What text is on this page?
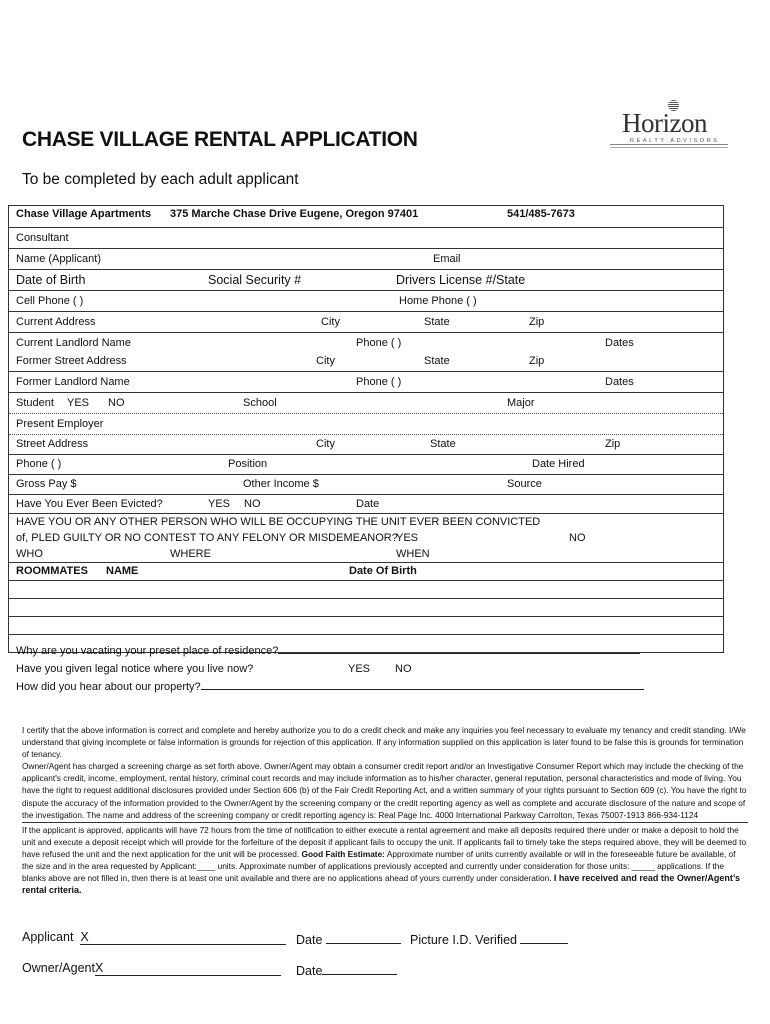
CHASE VILLAGE RENTAL APPLICATION
To be completed by each adult applicant
Horizon
REALTY ADVISORS
Chase Village Apartments 375 Marche Chase Drive Eugene, Oregon 97401	541/485-7673
Consultant
Name (Applicant)	Email
Date of Birth	Social Security #	Drivers License #/State
Cell Phone ( )	Home Phone ( )
Current Address	City	State	Zip
Current Landlord Name	Phone ( )	Dates
Former Street Address	City	State	Zip
Former Landlord Name	Phone ( )	Dates
Student YES NO	School	Major
Present Employer
Street Address	City	State	Zip
Phone ( )	Position	Date Hired
Gross Pay $	Other Income $	Source
Have You Ever Been Evicted?	YES NO	Date
HAVE YOU OR ANY OTHER PERSON WHO WILL BE OCCUPYING THE UNIT EVER BEEN CONVICTED
of, PLED GUILTY OR NO CONTEST TO ANY FELONY OR MISDEMEANOR?
YES	NO
WHO	WHERE	WHEN
ROOMMATES NAME	Date Of Birth
Why are you vacating your preset place of residence?
Have you given legal notice where you live now?	YES NO
How did you hear about our property?

I certify that the above information is correct and complete and hereby authorize you to do a credit check and make any inquiries you feel necessary to evaluate my tenancy and credit standing. I/We understand that giving incomplete or false information is grounds for rejection of this application. If any information supplied on this application is later found to be false this is grounds for termination of tenancy.

Owner/Agent has charged a screening charge as set forth above. Owner/Agent may obtain a consumer credit report and/or an Investigative Consumer Report which may include the checking of the applicant's credit, income, employment, rental history, criminal court records and may include information as to his/her character, general reputation, personal characteristics and mode of living. You have the right to request additional disclosures provided under Section 606 (b) of the Fair Credit Reporting Act, and a written summary of your rights pursuant to Section 609 (c). You have the right to dispute the accuracy of the information provided to the Owner/Agent by the screening company or the credit reporting agency as well as complete and accurate disclosure of the nature and scope of the investigation. The name and address of the screening company or credit reporting agency is: Real Page Inc. 4000 International Parkway Carrolton, Texas 75007-1913 866-934-1124

If the applicant is approved, applicants will have 72 hours from the time of notification to either execute a rental agreement and make all deposits required there under or make a deposit to hold the unit and execute a deposit receipt which will provide for the forfeiture of the deposit if applicant fails to occupy the unit. If applicants fail to timely take the steps required above, they will be deemed to have refused the unit and the next application for the unit will be processed. Good Faith Estimate: Approximate number of units currently available or will in the foreseeable future be available, of the size and in the area requested by Applicant:____ units. Approximate number of applications previously accepted and currently under consideration for those units: _____ applications. If the blanks above are not filled in, then there is at least one unit available and there are no applications ahead of yours currently under consideration. I have received and read the Owner/Agent’s rental criteria.

Applicant X	Date	Picture I.D. Verified
Owner/AgentX	Date
